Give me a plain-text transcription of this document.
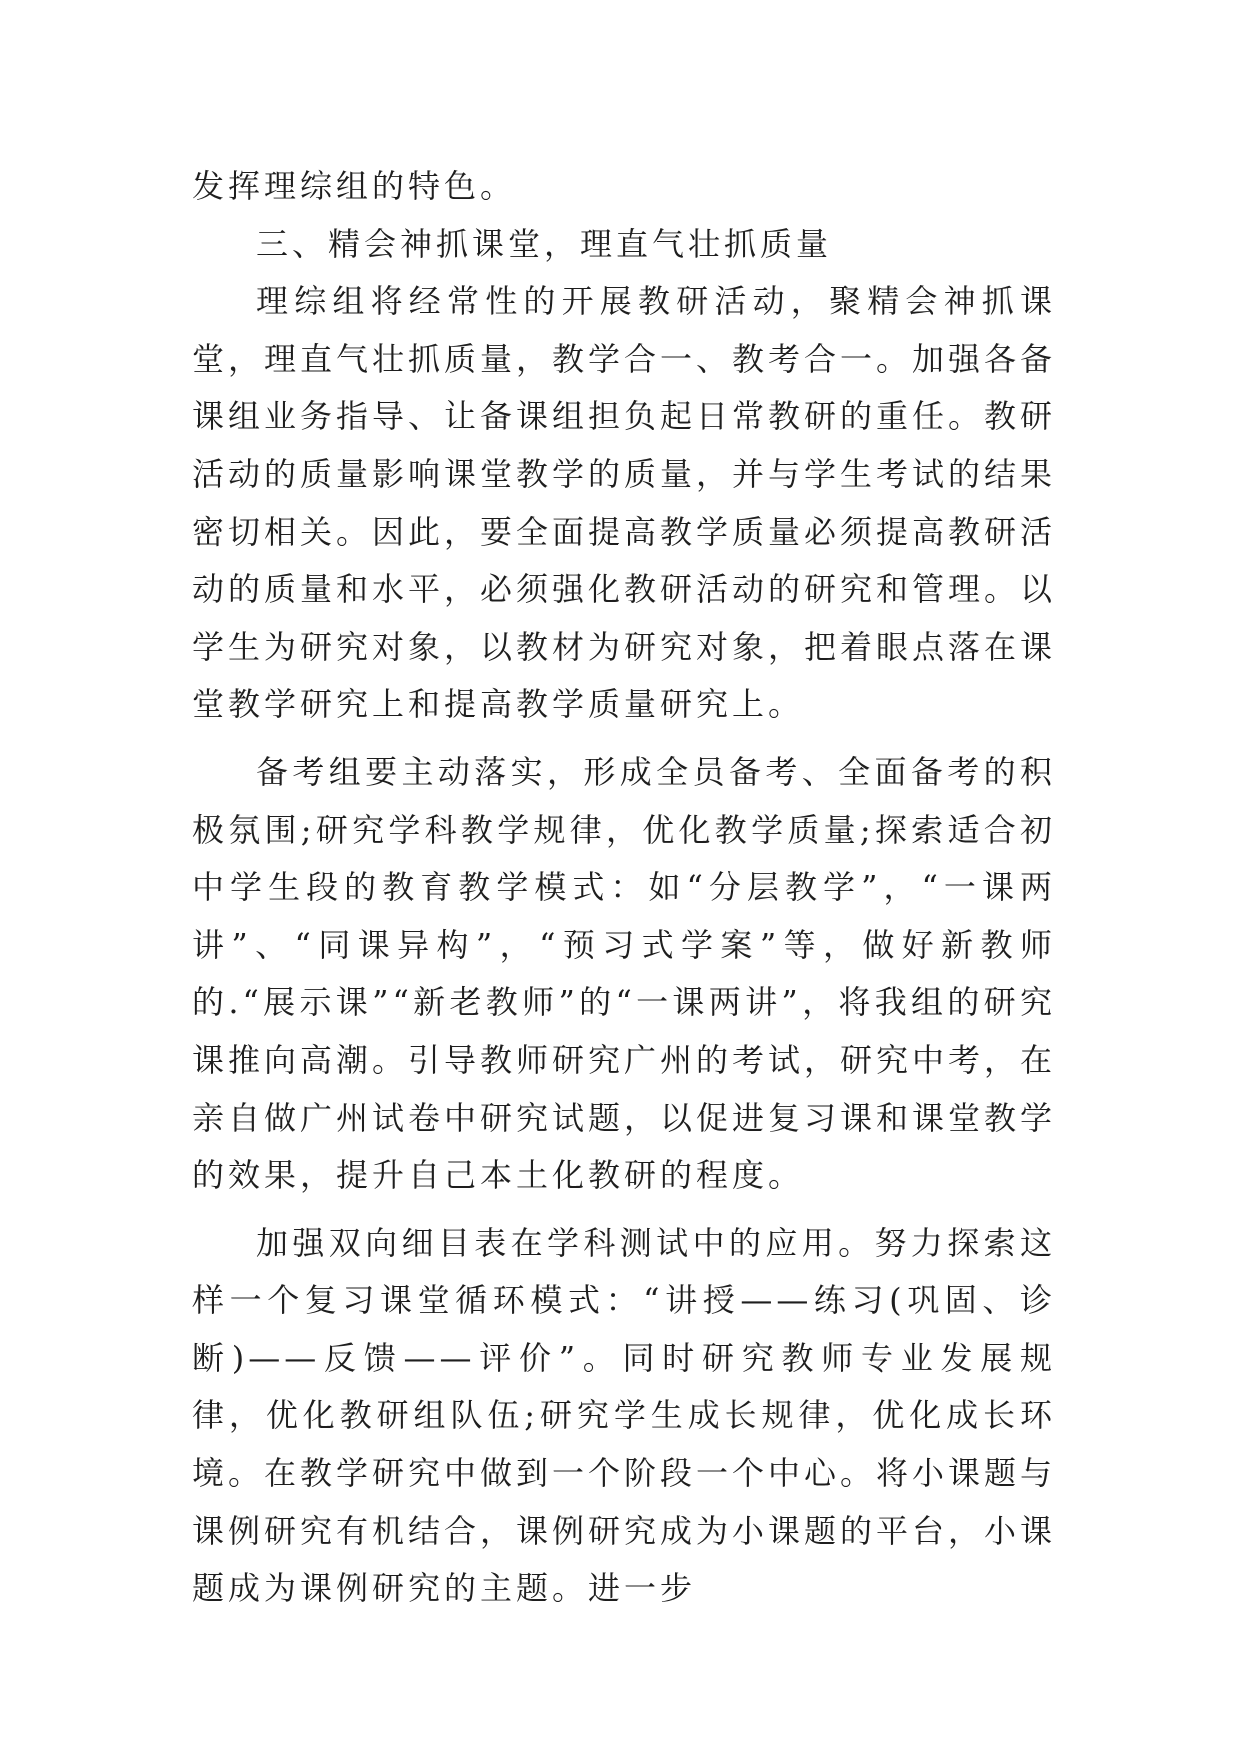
发挥理综组的特色。

三、精会神抓课堂，理直气壮抓质量

理综组将经常性的开展教研活动，聚精会神抓课堂，理直气壮抓质量，教学合一、教考合一。加强各备课组业务指导、让备课组担负起日常教研的重任。教研活动的质量影响课堂教学的质量，并与学生考试的结果密切相关。因此，要全面提高教学质量必须提高教研活动的质量和水平，必须强化教研活动的研究和管理。以学生为研究对象，以教材为研究对象，把着眼点落在课堂教学研究上和提高教学质量研究上。

备考组要主动落实，形成全员备考、全面备考的积极氛围;研究学科教学规律，优化教学质量;探索适合初中学生段的教育教学模式：如“分层教学”，“一课两讲”、“同课异构”，“预习式学案”等，做好新教师的.“展示课”“新老教师”的“一课两讲”，将我组的研究课推向高潮。引导教师研究广州的考试，研究中考，在亲自做广州试卷中研究试题，以促进复习课和课堂教学的效果，提升自己本土化教研的程度。

加强双向细目表在学科测试中的应用。努力探索这样一个复习课堂循环模式：“讲授——练习(巩固、诊断)——反馈——评价”。同时研究教师专业发展规律，优化教研组队伍;研究学生成长规律，优化成长环境。在教学研究中做到一个阶段一个中心。将小课题与课例研究有机结合，课例研究成为小课题的平台，小课题成为课例研究的主题。进一步
